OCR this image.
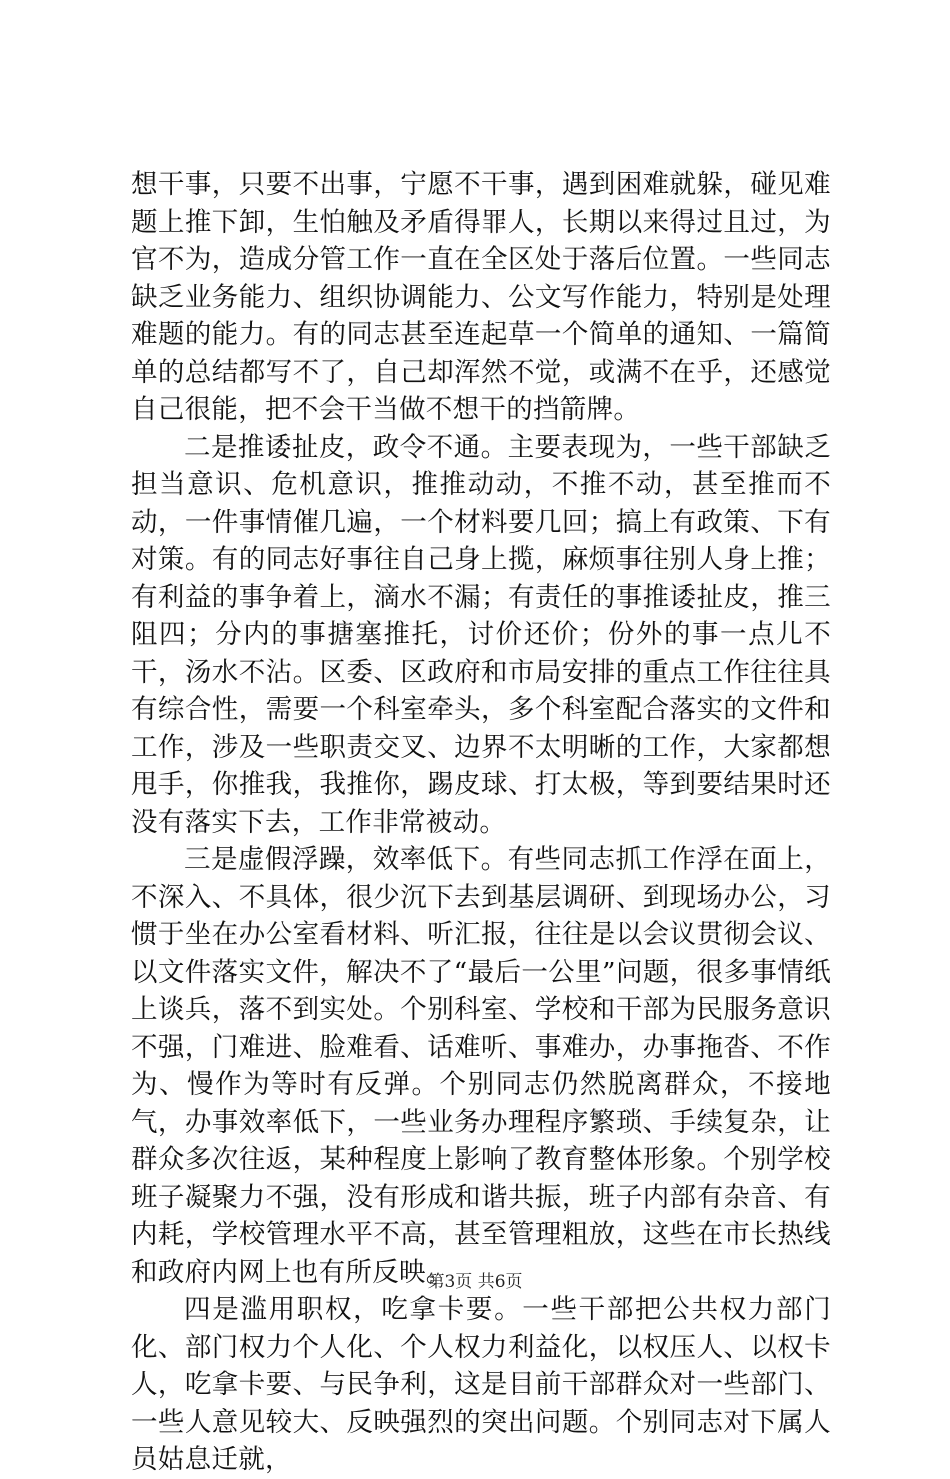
想干事，只要不出事，宁愿不干事，遇到困难就躲，碰见难题上推下卸，生怕触及矛盾得罪人，长期以来得过且过，为官不为，造成分管工作一直在全区处于落后位置。一些同志缺乏业务能力、组织协调能力、公文写作能力，特别是处理难题的能力。有的同志甚至连起草一个简单的通知、一篇简单的总结都写不了，自己却浑然不觉，或满不在乎，还感觉自己很能，把不会干当做不想干的挡箭牌。

二是推诿扯皮，政令不通。主要表现为，一些干部缺乏担当意识、危机意识，推推动动，不推不动，甚至推而不动，一件事情催几遍，一个材料要几回；搞上有政策、下有对策。有的同志好事往自己身上揽，麻烦事往别人身上推；有利益的事争着上，滴水不漏；有责任的事推诿扯皮，推三阻四；分内的事搪塞推托，讨价还价；份外的事一点儿不干，汤水不沾。区委、区政府和市局安排的重点工作往往具有综合性，需要一个科室牵头，多个科室配合落实的文件和工作，涉及一些职责交叉、边界不太明晰的工作，大家都想甩手，你推我，我推你，踢皮球、打太极，等到要结果时还没有落实下去，工作非常被动。

三是虚假浮躁，效率低下。有些同志抓工作浮在面上，不深入、不具体，很少沉下去到基层调研、到现场办公，习惯于坐在办公室看材料、听汇报，往往是以会议贯彻会议、以文件落实文件，解决不了“最后一公里”问题，很多事情纸上谈兵，落不到实处。个别科室、学校和干部为民服务意识不强，门难进、脸难看、话难听、事难办，办事拖沓、不作为、慢作为等时有反弹。个别同志仍然脱离群众，不接地气，办事效率低下，一些业务办理程序繁琐、手续复杂，让群众多次往返，某种程度上影响了教育整体形象。个别学校班子凝聚力不强，没有形成和谐共振，班子内部有杂音、有内耗，学校管理水平不高，甚至管理粗放，这些在市长热线和政府内网上也有所反映。

四是滥用职权，吃拿卡要。一些干部把公共权力部门化、部门权力个人化、个人权力利益化，以权压人、以权卡人，吃拿卡要、与民争利，这是目前干部群众对一些部门、一些人意见较大、反映强烈的突出问题。个别同志对下属人员姑息迁就，

第3页 共6页
